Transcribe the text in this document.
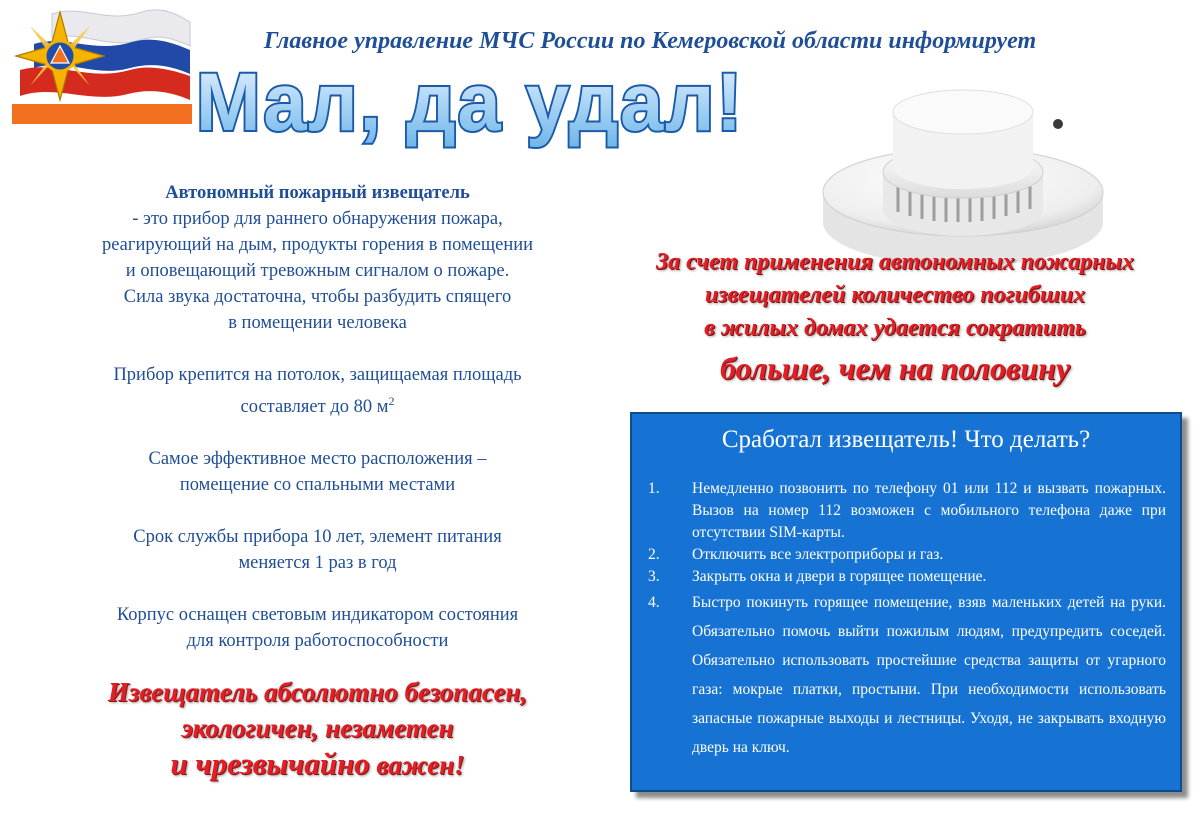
Главное управление МЧС России по Кемеровской области информирует
Мал, да удал!

Автономный пожарный извещатель

- это прибор для раннего обнаружения пожара,

реагирующий на дым, продукты горения в помещении

и оповещающий тревожным сигналом о пожаре.

Сила звука достаточна, чтобы разбудить спящего

в помещении человека

Прибор крепится на потолок, защищаемая площадь

составляет до 80 $м^2$

Самое эффективное место расположения –

помещение со спальными местами

Срок службы прибора 10 лет, элемент питания

меняется 1 раз в год

Корпус оснащен световым индикатором состояния

для контроля работоспособности

Извещатель абсолютно безопасен,
экологичен, незаметен
и чрезвычайно важен!
За счет применения автономных пожарных
извещателей количество погибших
в жилых домах удается сократить
больше, чем на половину
Сработал извещатель! Что делать?
1. Немедленно позвонить по телефону 01 или 112 и вызвать пожарных. Вызов на номер 112 возможен с мобильного телефона даже при отсутствии SIM-карты.
2. Отключить все электроприборы и газ.
3. Закрыть окна и двери в горящее помещение.
4. Быстро покинуть горящее помещение, взяв маленьких детей на руки. Обязательно помочь выйти пожилым людям, предупредить соседей. Обязательно использовать простейшие средства защиты от угарного газа: мокрые платки, простыни. При необходимости использовать запасные пожарные выходы и лестницы. Уходя, не закрывать входную дверь на ключ.
